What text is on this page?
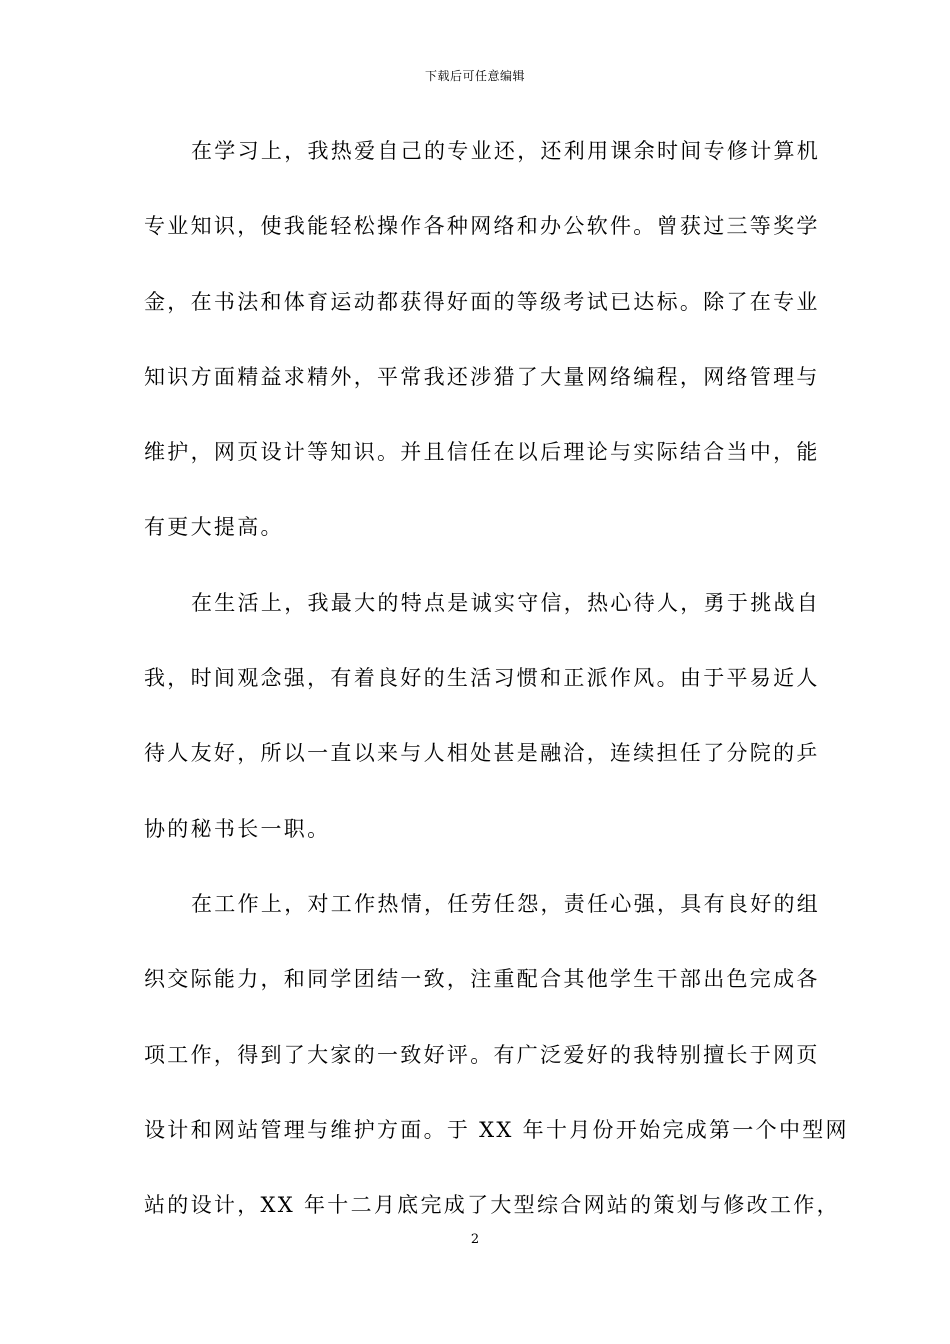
下载后可任意编辑
在学习上，我热爱自己的专业还，还利用课余时间专修计算机
专业知识，使我能轻松操作各种网络和办公软件。曾获过三等奖学
金，在书法和体育运动都获得好面的等级考试已达标。除了在专业
知识方面精益求精外，平常我还涉猎了大量网络编程，网络管理与
维护，网页设计等知识。并且信任在以后理论与实际结合当中，能
有更大提高。
在生活上，我最大的特点是诚实守信，热心待人，勇于挑战自
我，时间观念强，有着良好的生活习惯和正派作风。由于平易近人
待人友好，所以一直以来与人相处甚是融洽，连续担任了分院的乒
协的秘书长一职。
在工作上，对工作热情，任劳任怨，责任心强，具有良好的组
织交际能力，和同学团结一致，注重配合其他学生干部出色完成各
项工作，得到了大家的一致好评。有广泛爱好的我特别擅长于网页
设计和网站管理与维护方面。于 XX 年十月份开始完成第一个中型网
站的设计，XX 年十二月底完成了大型综合网站的策划与修改工作，
2
